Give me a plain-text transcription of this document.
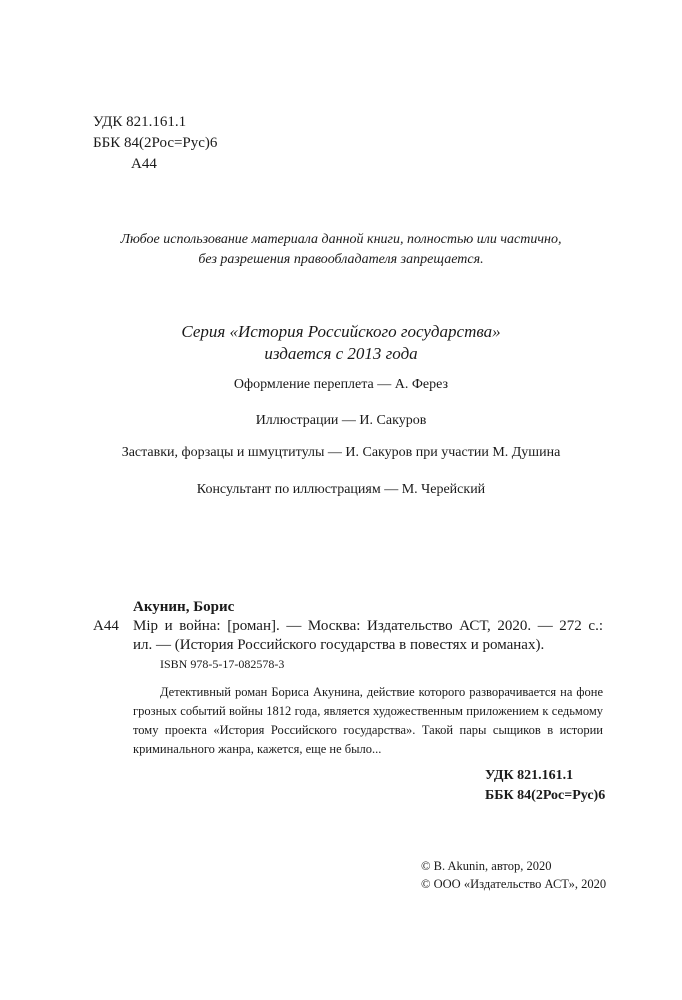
УДК 821.161.1
ББК 84(2Рос=Рус)6
А44
Любое использование материала данной книги, полностью или частично,
без разрешения правообладателя запрещается.
Серия «История Российского государства»
издается с 2013 года
Оформление переплета — А. Ферез
Иллюстрации — И. Сакуров
Заставки, форзацы и шмуцтитулы — И. Сакуров при участии М. Душина
Консультант по иллюстрациям — М. Черейский
Акунин, Борис
А44 Мiр и война: [роман]. — Москва: Издательство АСТ, 2020. — 272 с.:
ил. — (История Российского государства в повестях и романах).
ISBN 978-5-17-082578-3
Детективный роман Бориса Акунина, действие которого разворачивается на фоне грозных событий войны 1812 года, является художественным приложением к седьмому тому проекта «История Российского государства». Такой пары сыщиков в истории криминального жанра, кажется, еще не было...
УДК 821.161.1
ББК 84(2Рос=Рус)6
© B. Akunin, автор, 2020
© ООО «Издательство АСТ», 2020
